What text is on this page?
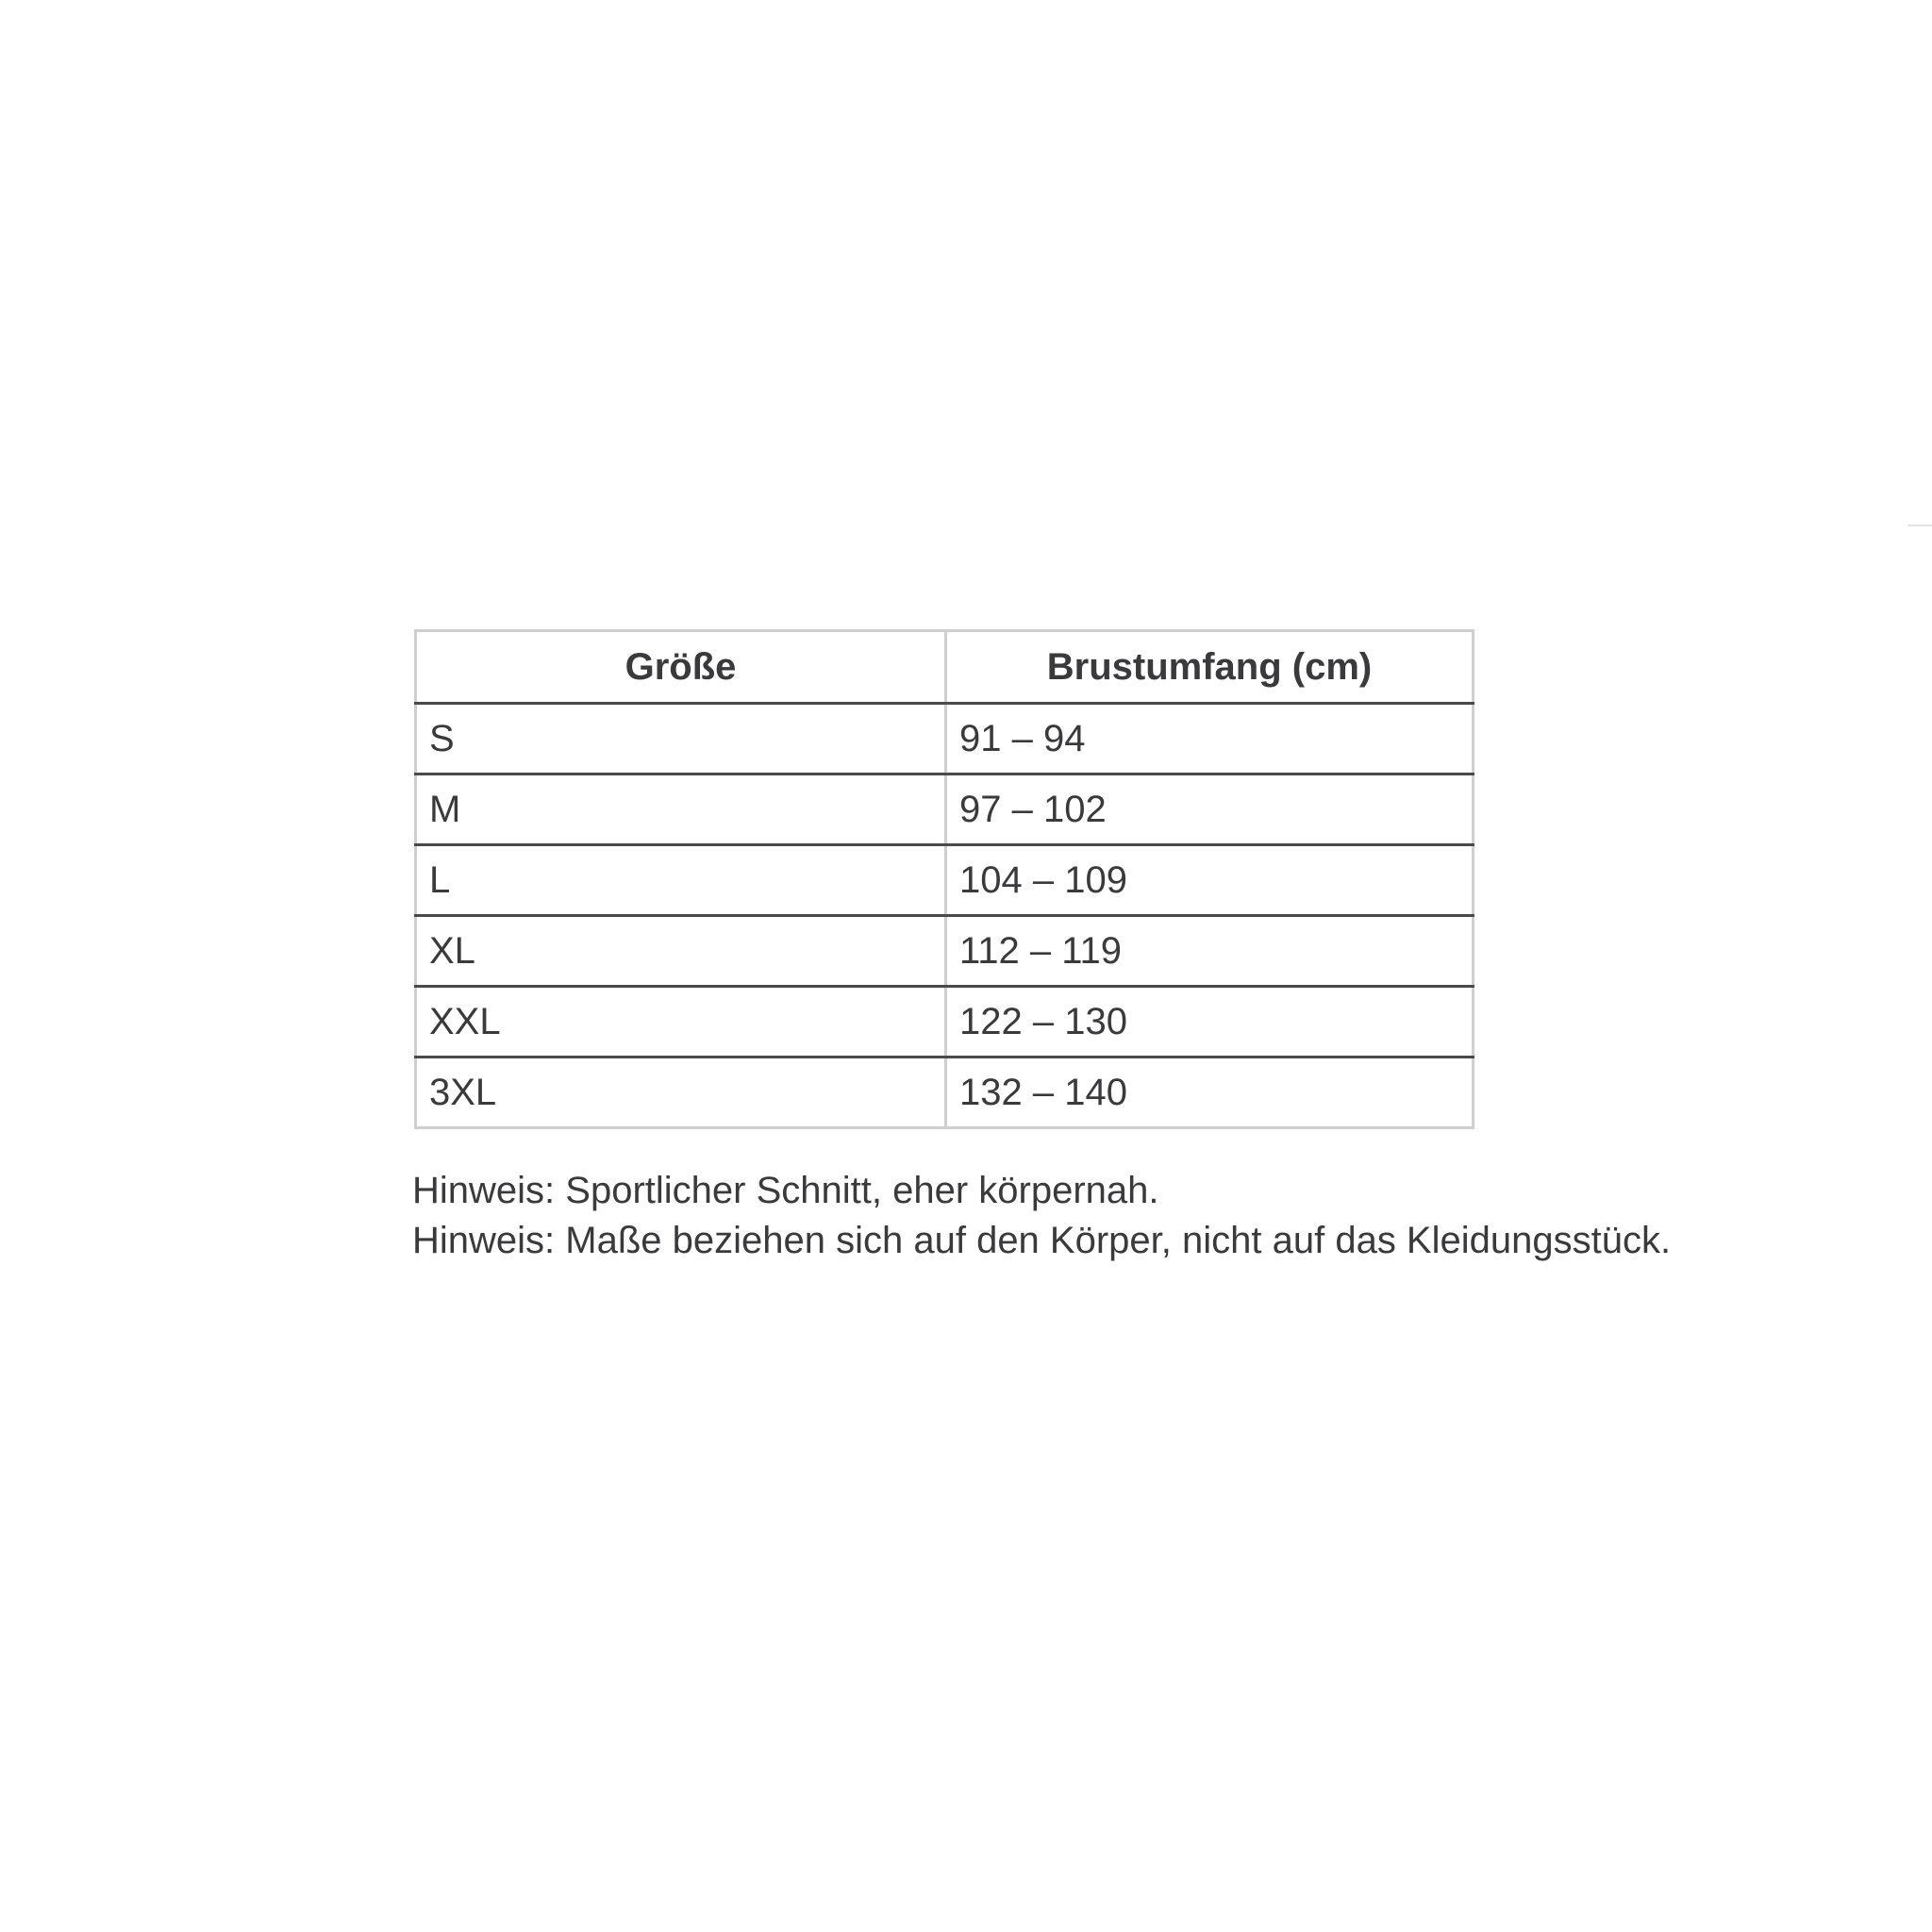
Größe	Brustumfang (cm)
S	91 – 94
M	97 – 102
L	104 – 109
XL	112 – 119
XXL	122 – 130
3XL	132 – 140

Hinweis: Sportlicher Schnitt, eher körpernah.

Hinweis: Maße beziehen sich auf den Körper, nicht auf das Kleidungsstück.
